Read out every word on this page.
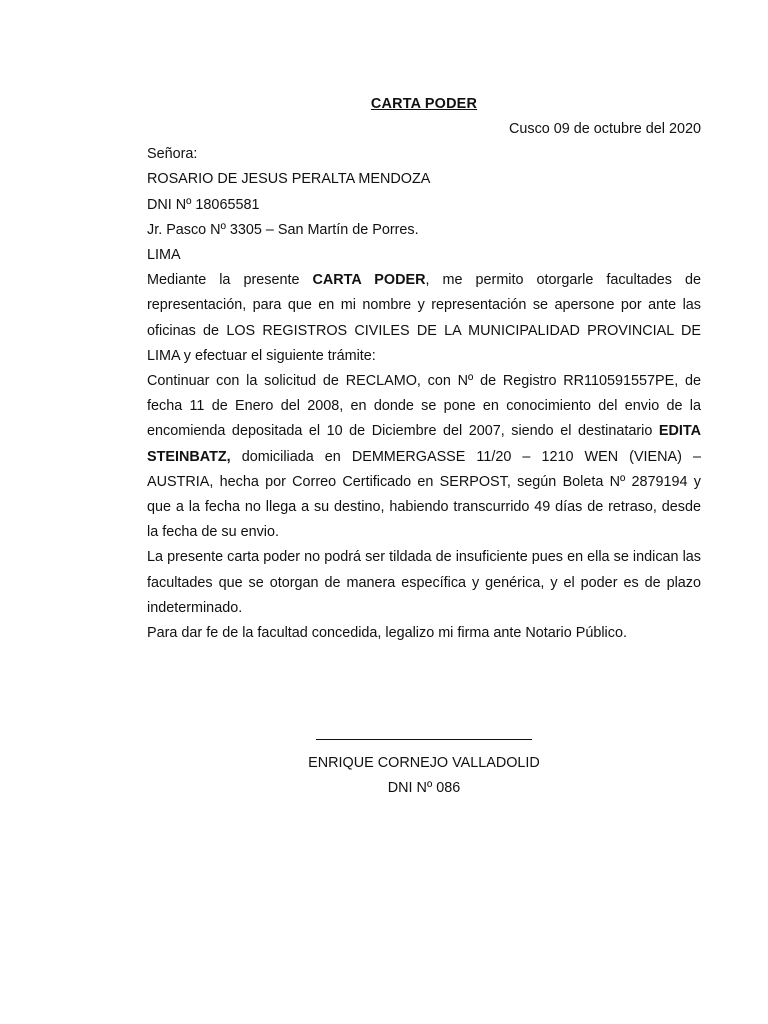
CARTA PODER
Cusco 09 de octubre del 2020
Señora:
ROSARIO DE JESUS PERALTA MENDOZA
DNI Nº 18065581
Jr. Pasco Nº 3305 – San Martín de Porres.
LIMA
Mediante la presente CARTA PODER, me permito otorgarle facultades de representación, para que en mi nombre y representación se apersone por ante las oficinas de LOS REGISTROS CIVILES DE LA MUNICIPALIDAD PROVINCIAL DE LIMA y efectuar el siguiente trámite:
Continuar con la solicitud de RECLAMO, con Nº de Registro RR110591557PE, de fecha 11 de Enero del 2008, en donde se pone en conocimiento del envio de la encomienda depositada el 10 de Diciembre del 2007, siendo el destinatario EDITA STEINBATZ, domiciliada en DEMMERGASSE 11/20 – 1210 WEN (VIENA) – AUSTRIA, hecha por Correo Certificado en SERPOST, según Boleta Nº 2879194 y que a la fecha no llega a su destino, habiendo transcurrido 49 días de retraso, desde la fecha de su envio.
La presente carta poder no podrá ser tildada de insuficiente pues en ella se indican las facultades que se otorgan de manera específica y genérica, y el poder es de plazo indeterminado.
Para dar fe de la facultad concedida, legalizo mi firma ante Notario Público.
ENRIQUE CORNEJO VALLADOLID
DNI Nº 086
